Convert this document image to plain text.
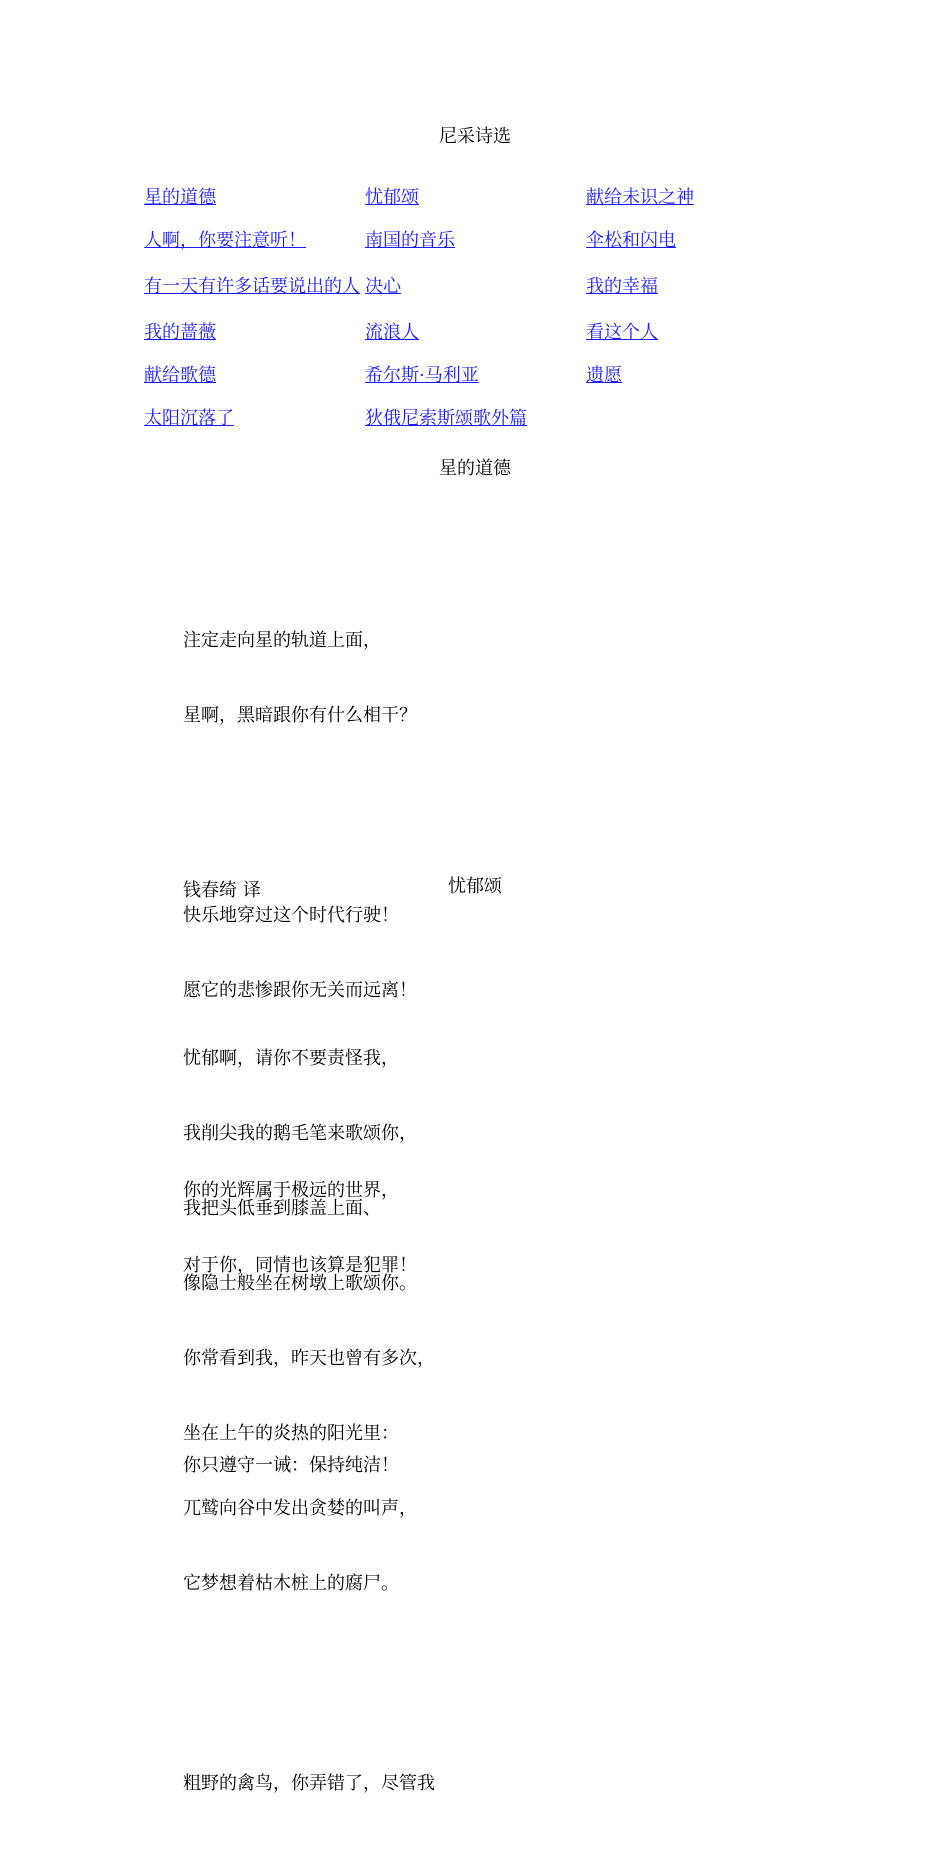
尼采诗选
星的道德	忧郁颂	献给未识之神
人啊，你要注意听！	南国的音乐	伞松和闪电
有一天有许多话要说出的人	决心	我的幸福
我的蔷薇	流浪人	看这个人
献给歌德	希尔斯·马利亚	遗愿
太阳沉落了	狄俄尼索斯颂歌外篇	
星的道德

注定走向星的轨道上面，

星啊，黑暗跟你有什么相干？

快乐地穿过这个时代行驶！

愿它的悲惨跟你无关而远离！

你的光辉属于极远的世界，

对于你，同情也该算是犯罪！

你只遵守一诫：保持纯洁！

钱春绮 译	忧郁颂

忧郁啊，请你不要责怪我，

我削尖我的鹅毛笔来歌颂你，

我把头低垂到膝盖上面、

像隐士般坐在树墩上歌颂你。

你常看到我，昨天也曾有多次，

坐在上午的炎热的阳光里：

兀鹫向谷中发出贪婪的叫声，

它梦想着枯木桩上的腐尸。

粗野的禽鸟，你弄错了，尽管我
